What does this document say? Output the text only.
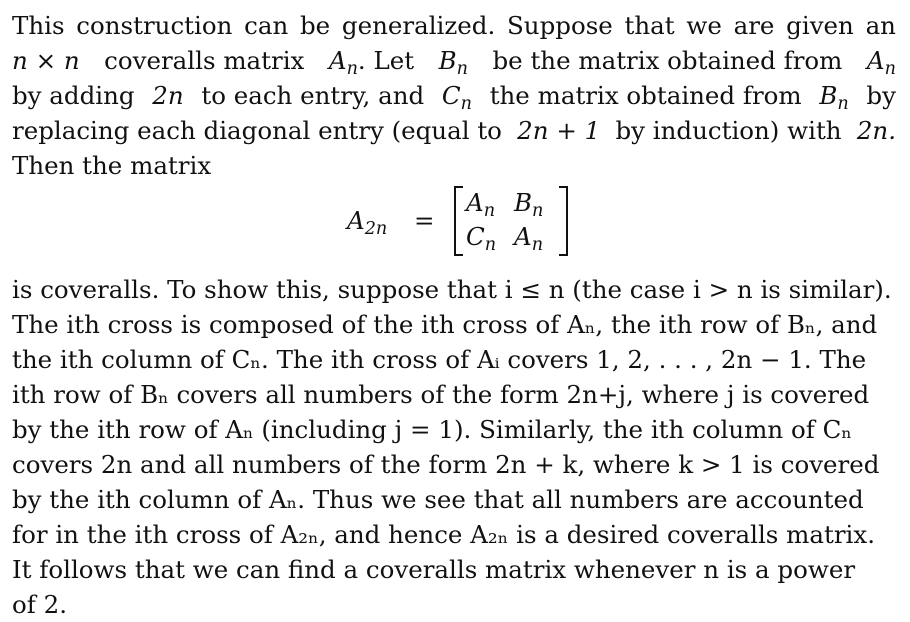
This construction can be generalized. Suppose that we are given an
n × n coveralls matrix $A_n$. Let $B_n$ be the matrix obtained from $A_n$
by adding 2n to each entry, and $C_n$ the matrix obtained from $B_n$ by
replacing each diagonal entry (equal to 2n + 1 by induction) with 2n.
Then the matrix
$A_{2n}$ =
$A_n$ $B_n$
$C_n$ $A_n$
is coveralls. To show this, suppose that i ≤ n (the case i > n is similar).
The ith cross is composed of the ith cross of Aₙ, the ith row of Bₙ, and
the ith column of Cₙ. The ith cross of Aᵢ covers 1, 2, . . . , 2n − 1. The
ith row of Bₙ covers all numbers of the form 2n+j, where j is covered
by the ith row of Aₙ (including j = 1). Similarly, the ith column of Cₙ
covers 2n and all numbers of the form 2n + k, where k > 1 is covered
by the ith column of Aₙ. Thus we see that all numbers are accounted
for in the ith cross of A₂ₙ, and hence A₂ₙ is a desired coveralls matrix.
It follows that we can find a coveralls matrix whenever n is a power
of 2.
